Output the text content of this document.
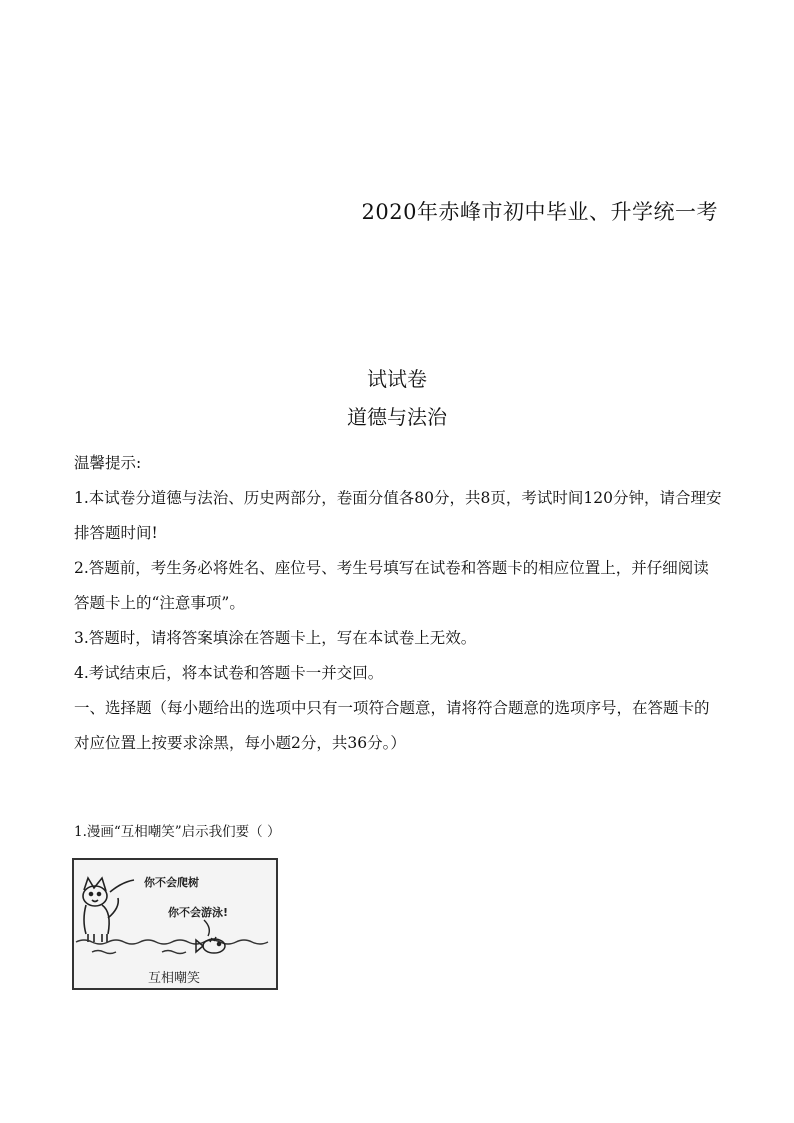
2020年赤峰市初中毕业、升学统一考
试试卷
道德与法治
温馨提示:
1.本试卷分道德与法治、历史两部分，卷面分值各80分，共8页，考试时间120分钟，请合理安排答题时间!
2.答题前，考生务必将姓名、座位号、考生号填写在试卷和答题卡的相应位置上，并仔细阅读答题卡上的“注意事项”。
3.答题时，请将答案填涂在答题卡上，写在本试卷上无效。
4.考试结束后，将本试卷和答题卡一并交回。
一、选择题（每小题给出的选项中只有一项符合题意，请将符合题意的选项序号，在答题卡的对应位置上按要求涂黑，每小题2分，共36分。）
1.漫画“互相嘲笑”启示我们要（ ）
你不会爬树
你不会游泳!
互相嘲笑
